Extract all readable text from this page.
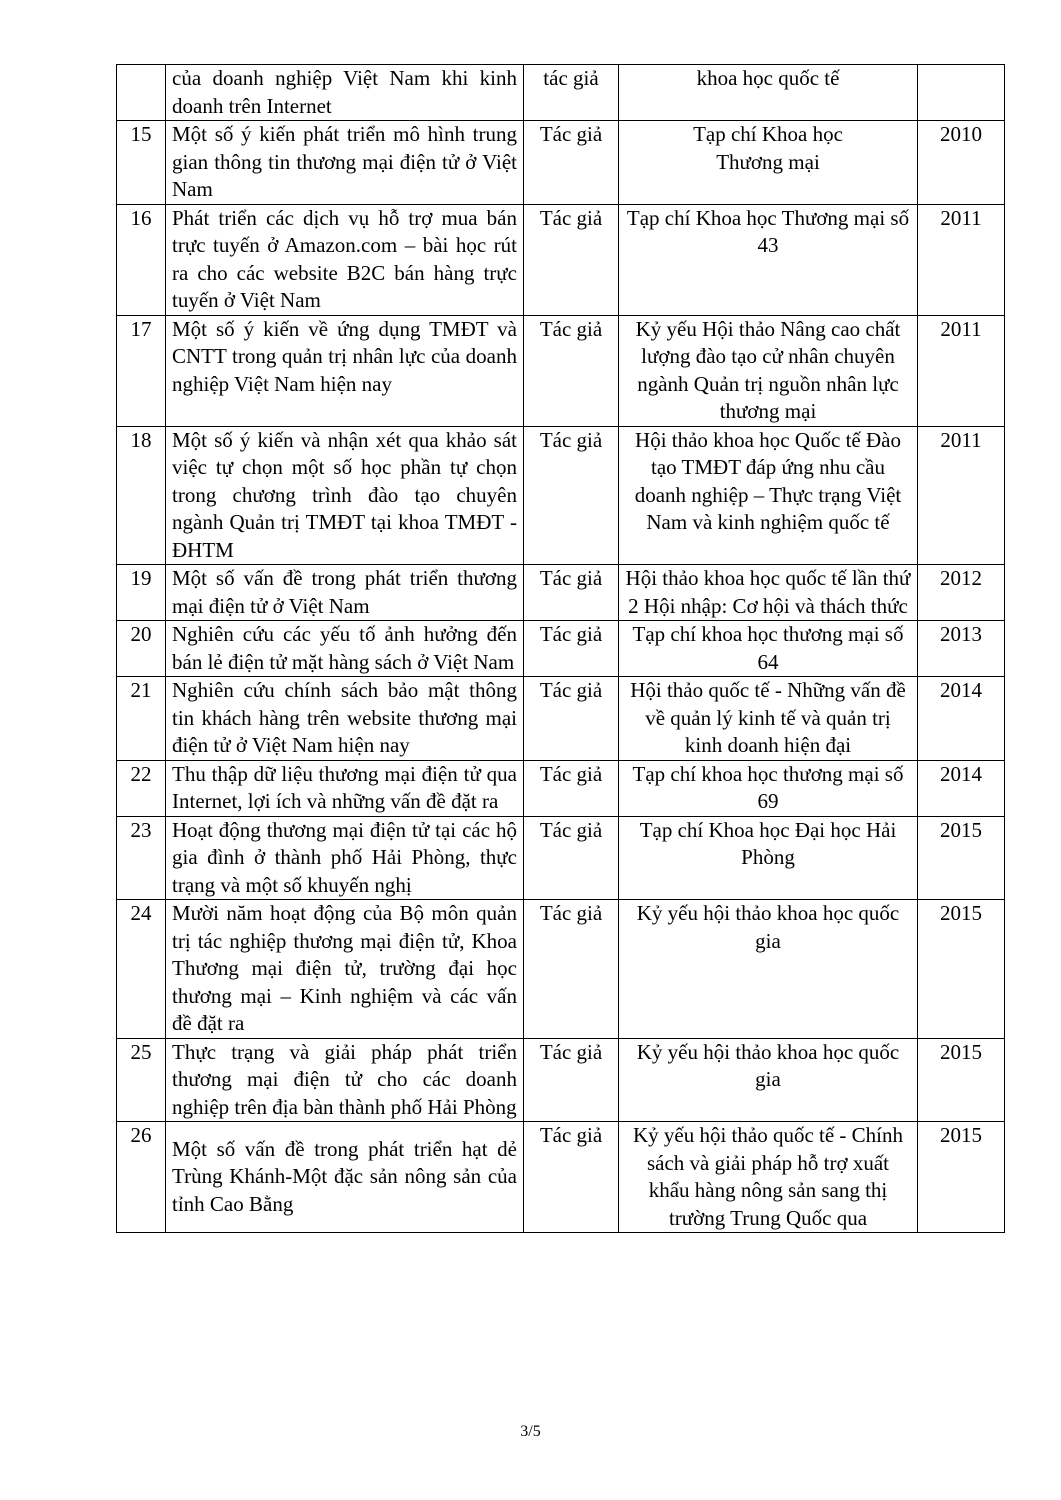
	của doanh nghiệp Việt Nam khi kinh doanh trên Internet	tác giả	khoa học quốc tế	
15	Một số ý kiến phát triển mô hình trung gian thông tin thương mại điện tử ở Việt Nam	Tác giả	Tạp chí Khoa học Thương mại	2010
16	Phát triển các dịch vụ hỗ trợ mua bán trực tuyến ở Amazon.com – bài học rút ra cho các website B2C bán hàng trực tuyến ở Việt Nam	Tác giả	Tạp chí Khoa học Thương mại số 43	2011
17	Một số ý kiến về ứng dụng TMĐT và CNTT trong quản trị nhân lực của doanh nghiệp Việt Nam hiện nay	Tác giả	Kỷ yếu Hội thảo Nâng cao chất lượng đào tạo cử nhân chuyên ngành Quản trị nguồn nhân lực thương mại	2011
18	Một số ý kiến và nhận xét qua khảo sát việc tự chọn một số học phần tự chọn trong chương trình đào tạo chuyên ngành Quản trị TMĐT tại khoa TMĐT - ĐHTM	Tác giả	Hội thảo khoa học Quốc tế Đào tạo TMĐT đáp ứng nhu cầu doanh nghiệp – Thực trạng Việt Nam và kinh nghiệm quốc tế	2011
19	Một số vấn đề trong phát triển thương mại điện tử ở Việt Nam	Tác giả	Hội thảo khoa học quốc tế lần thứ 2 Hội nhập: Cơ hội và thách thức	2012
20	Nghiên cứu các yếu tố ảnh hưởng đến bán lẻ điện tử mặt hàng sách ở Việt Nam	Tác giả	Tạp chí khoa học thương mại số 64	2013
21	Nghiên cứu chính sách bảo mật thông tin khách hàng trên website thương mại điện tử ở Việt Nam hiện nay	Tác giả	Hội thảo quốc tế - Những vấn đề về quản lý kinh tế và quản trị kinh doanh hiện đại	2014
22	Thu thập dữ liệu thương mại điện tử qua Internet, lợi ích và những vấn đề đặt ra	Tác giả	Tạp chí khoa học thương mại số 69	2014
23	Hoạt động thương mại điện tử tại các hộ gia đình ở thành phố Hải Phòng, thực trạng và một số khuyến nghị	Tác giả	Tạp chí Khoa học Đại học Hải Phòng	2015
24	Mười năm hoạt động của Bộ môn quản trị tác nghiệp thương mại điện tử, Khoa Thương mại điện tử, trường đại học thương mại – Kinh nghiệm và các vấn đề đặt ra	Tác giả	Kỷ yếu hội thảo khoa học quốc gia	2015
25	Thực trạng và giải pháp phát triển thương mại điện tử cho các doanh nghiệp trên địa bàn thành phố Hải Phòng	Tác giả	Kỷ yếu hội thảo khoa học quốc gia	2015
26	Một số vấn đề trong phát triển hạt dẻ Trùng Khánh-Một đặc sản nông sản của tỉnh Cao Bằng	Tác giả	Kỷ yếu hội thảo quốc tế - Chính sách và giải pháp hỗ trợ xuất khẩu hàng nông sản sang thị trường Trung Quốc qua	2015
3/5
